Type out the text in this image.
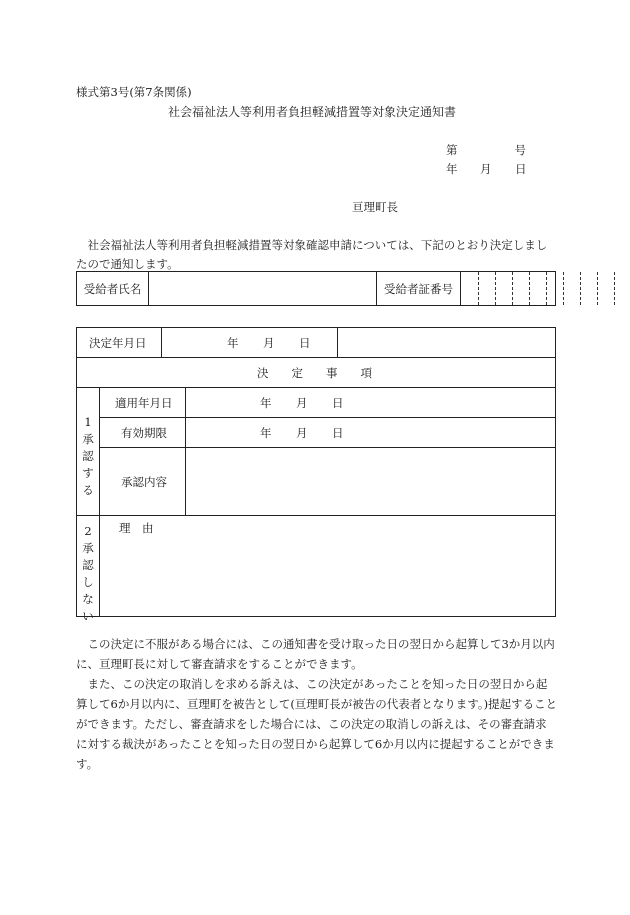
様式第3号(第7条関係)
社会福祉法人等利用者負担軽減措置等対象決定通知書
第	号
年 月 日
亘理町長
社会福祉法人等利用者負担軽減措置等対象確認申請については、下記のとおり決定しましたので通知します。
受給者氏名	受給者証番号
決定年月日	年 月 日
決　　定　　事　　項
1
承
認
す
る
適用年月日	年 月 日
有効期限	年 月 日
承認内容
2
承
認
し
な
い
理　由
この決定に不服がある場合には、この通知書を受け取った日の翌日から起算して3か月以内に、亘理町長に対して審査請求をすることができます。
また、この決定の取消しを求める訴えは、この決定があったことを知った日の翌日から起算して6か月以内に、亘理町を被告として(亘理町長が被告の代表者となります。)提起することができます。ただし、審査請求をした場合には、この決定の取消しの訴えは、その審査請求に対する裁決があったことを知った日の翌日から起算して6か月以内に提起することができます。
